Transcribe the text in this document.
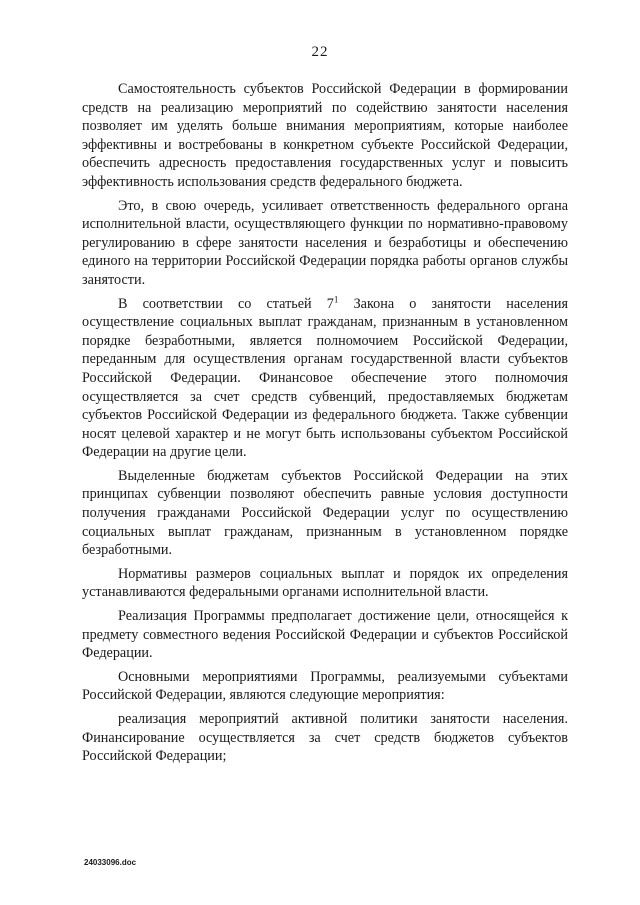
22

Самостоятельность субъектов Российской Федерации в формировании средств на реализацию мероприятий по содействию занятости населения позволяет им уделять больше внимания мероприятиям, которые наиболее эффективны и востребованы в конкретном субъекте Российской Федерации, обеспечить адресность предоставления государственных услуг и повысить эффективность использования средств федерального бюджета.

Это, в свою очередь, усиливает ответственность федерального органа исполнительной власти, осуществляющего функции по нормативно-правовому регулированию в сфере занятости населения и безработицы и обеспечению единого на территории Российской Федерации порядка работы органов службы занятости.

В соответствии со статьей $7^1$ Закона о занятости населения осуществление социальных выплат гражданам, признанным в установленном порядке безработными, является полномочием Российской Федерации, переданным для осуществления органам государственной власти субъектов Российской Федерации. Финансовое обеспечение этого полномочия осуществляется за счет средств субвенций, предоставляемых бюджетам субъектов Российской Федерации из федерального бюджета. Также субвенции носят целевой характер и не могут быть использованы субъектом Российской Федерации на другие цели.

Выделенные бюджетам субъектов Российской Федерации на этих принципах субвенции позволяют обеспечить равные условия доступности получения гражданами Российской Федерации услуг по осуществлению социальных выплат гражданам, признанным в установленном порядке безработными.

Нормативы размеров социальных выплат и порядок их определения устанавливаются федеральными органами исполнительной власти.

Реализация Программы предполагает достижение цели, относящейся к предмету совместного ведения Российской Федерации и субъектов Российской Федерации.

Основными мероприятиями Программы, реализуемыми субъектами Российской Федерации, являются следующие мероприятия:

реализация мероприятий активной политики занятости населения. Финансирование осуществляется за счет средств бюджетов субъектов Российской Федерации;

24033096.doc
